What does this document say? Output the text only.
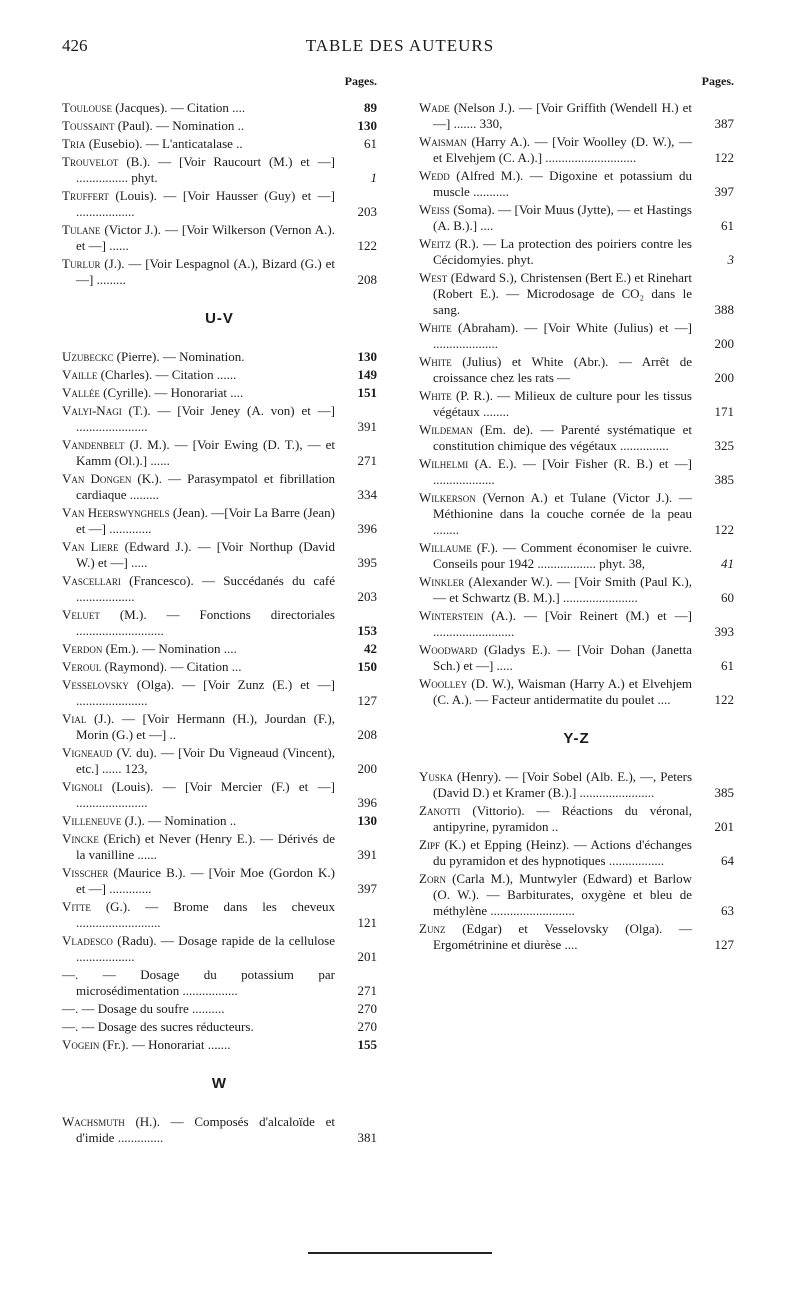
426	TABLE DES AUTEURS
Pages.
Toulouse (Jacques). — Citation ....	89
Toussaint (Paul). — Nomination ..	130
Tria (Eusebio). — L'anticatalase ..	61
Trouvelot (B.). — [Voir Raucourt (M.) et —] ................ phyt.	1
Truffert (Louis). — [Voir Hausser (Guy) et —] ..................	203
Tulane (Victor J.). — [Voir Wilkerson (Vernon A.). et —] ......	122
Turlur (J.). — [Voir Lespagnol (A.), Bizard (G.) et —] .........	208
U-V
Uzubeckc (Pierre). — Nomination.	130
Vaille (Charles). — Citation ......	149
Vallée (Cyrille). — Honorariat ....	151
Valyi-Nagi (T.). — [Voir Jeney (A. von) et —] ......................	391
Vandenbelt (J. M.). — [Voir Ewing (D. T.), — et Kamm (Ol.).] ......	271
Van Dongen (K.). — Parasympatol et fibrillation cardiaque .........	334
Van Heerswynghels (Jean). —[Voir La Barre (Jean) et —] .............	396
Van Liere (Edward J.). — [Voir Northup (David W.) et —] .....	395
Vascellari (Francesco). — Succédanés du café ..................	203
Veluet (M.). — Fonctions directoriales ...........................	153
Verdon (Em.). — Nomination ....	42
Veroul (Raymond). — Citation ...	150
Vesselovsky (Olga). — [Voir Zunz (E.) et —] ......................	127
Vial (J.). — [Voir Hermann (H.), Jourdan (F.), Morin (G.) et —] ..	208
Vigneaud (V. du). — [Voir Du Vigneaud (Vincent), etc.] ...... 123,	200
Vignoli (Louis). — [Voir Mercier (F.) et —] ......................	396
Villeneuve (J.). — Nomination ..	130
Vincke (Erich) et Never (Henry E.). — Dérivés de la vanilline ......	391
Visscher (Maurice B.). — [Voir Moe (Gordon K.) et —] .............	397
Vitte (G.). — Brome dans les cheveux ..........................	121
Vladesco (Radu). — Dosage rapide de la cellulose ..................	201
—. — Dosage du potassium par microsédimentation .................	271
—. — Dosage du soufre ..........	270
—. — Dosage des sucres réducteurs.	270
Vogein (Fr.). — Honorariat .......	155
W
Wachsmuth (H.). — Composés d'alcaloïde et d'imide ..............	381
Pages.
Wade (Nelson J.). — [Voir Griffith (Wendell H.) et —] ....... 330,	387
Waisman (Harry A.). — [Voir Woolley (D. W.), — et Elvehjem (C. A.).] ............................	122
Wedd (Alfred M.). — Digoxine et potassium du muscle ...........	397
Weiss (Soma). — [Voir Muus (Jytte), — et Hastings (A. B.).] ....	61
Weitz (R.). — La protection des poiriers contre les Cécidomyies. phyt.	3
West (Edward S.), Christensen (Bert E.) et Rinehart (Robert E.). — Microdosage de CO₂ dans le sang.	388
White (Abraham). — [Voir White (Julius) et —] ....................	200
White (Julius) et White (Abr.). — Arrêt de croissance chez les rats —	200
White (P. R.). — Milieux de culture pour les tissus végétaux ........	171
Wildeman (Em. de). — Parenté systématique et constitution chimique des végétaux ...............	325
Wilhelmi (A. E.). — [Voir Fisher (R. B.) et —] ...................	385
Wilkerson (Vernon A.) et Tulane (Victor J.). — Méthionine dans la couche cornée de la peau ........	122
Willaume (F.). — Comment économiser le cuivre. Conseils pour 1942 .................. phyt. 38,	41
Winkler (Alexander W.). — [Voir Smith (Paul K.), — et Schwartz (B. M.).] .......................	60
Winterstein (A.). — [Voir Reinert (M.) et —] .........................	393
Woodward (Gladys E.). — [Voir Dohan (Janetta Sch.) et —] .....	61
Woolley (D. W.), Waisman (Harry A.) et Elvehjem (C. A.). — Facteur antidermatite du poulet ....	122
Y-Z
Yuska (Henry). — [Voir Sobel (Alb. E.), —, Peters (David D.) et Kramer (B.).] .......................	385
Zanotti (Vittorio). — Réactions du véronal, antipyrine, pyramidon ..	201
Zipf (K.) et Epping (Heinz). — Actions d'échanges du pyramidon et des hypnotiques .................	64
Zorn (Carla M.), Muntwyler (Edward) et Barlow (O. W.). — Barbiturates, oxygène et bleu de méthylène ..........................	63
Zunz (Edgar) et Vesselovsky (Olga). — Ergométrinine et diurèse ....	127
